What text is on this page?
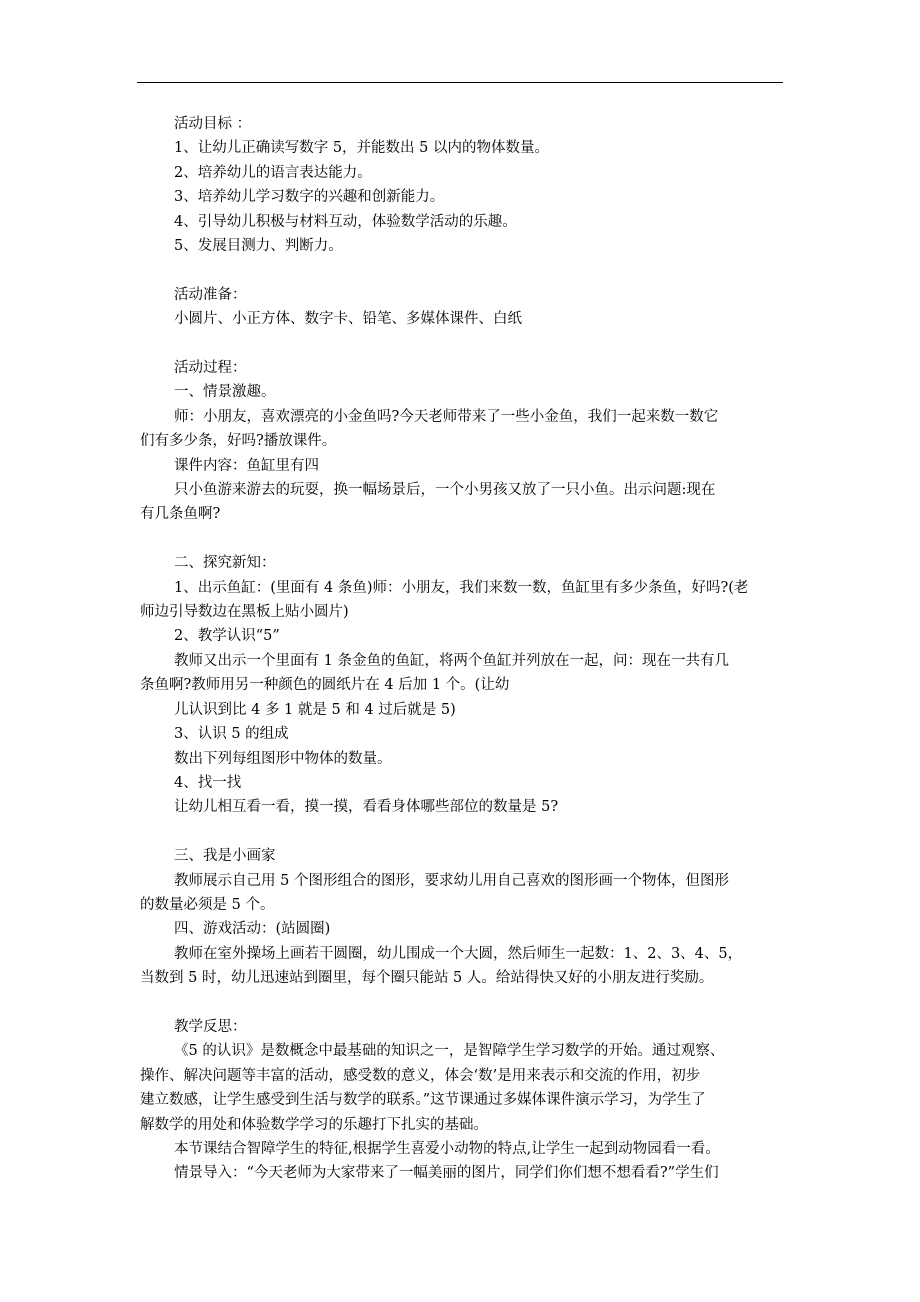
活动目标 ：

1、让幼儿正确读写数字 5，并能数出 5 以内的物体数量。

2、培养幼儿的语言表达能力。

3、培养幼儿学习数字的兴趣和创新能力。

4、引导幼儿积极与材料互动，体验数学活动的乐趣。

5、发展目测力、判断力。

活动准备：

小圆片、小正方体、数字卡、铅笔、多媒体课件、白纸

活动过程：

一、情景激趣。

师：小朋友，喜欢漂亮的小金鱼吗?今天老师带来了一些小金鱼，我们一起来数一数它

们有多少条，好吗?播放课件。

课件内容：鱼缸里有四

只小鱼游来游去的玩耍，换一幅场景后，一个小男孩又放了一只小鱼。出示问题:现在

有几条鱼啊?

二、探究新知：

1、出示鱼缸：(里面有 4 条鱼)师：小朋友，我们来数一数，鱼缸里有多少条鱼，好吗?(老

师边引导数边在黑板上贴小圆片)

2、教学认识“5”

教师又出示一个里面有 1 条金鱼的鱼缸，将两个鱼缸并列放在一起，问：现在一共有几

条鱼啊?教师用另一种颜色的圆纸片在 4 后加 1 个。(让幼

儿认识到比 4 多 1 就是 5 和 4 过后就是 5)

3、认识 5 的组成

数出下列每组图形中物体的数量。

4、找一找

让幼儿相互看一看，摸一摸，看看身体哪些部位的数量是 5?

三、我是小画家

教师展示自己用 5 个图形组合的图形，要求幼儿用自己喜欢的图形画一个物体，但图形

的数量必须是 5 个。

四、游戏活动：(站圆圈)

教师在室外操场上画若干圆圈，幼儿围成一个大圆，然后师生一起数：1、2、3、4、5，

当数到 5 时，幼儿迅速站到圈里，每个圈只能站 5 人。给站得快又好的小朋友进行奖励。

教学反思：

《5 的认识》是数概念中最基础的知识之一，是智障学生学习数学的开始。通过观察、

操作、解决问题等丰富的活动，感受数的意义，体会‘数’是用来表示和交流的作用，初步

建立数感，让学生感受到生活与数学的联系。”这节课通过多媒体课件演示学习，为学生了

解数学的用处和体验数学学习的乐趣打下扎实的基础。

本节课结合智障学生的特征,根据学生喜爱小动物的特点,让学生一起到动物园看一看。

情景导入：“今天老师为大家带来了一幅美丽的图片，同学们你们想不想看看?”学生们
